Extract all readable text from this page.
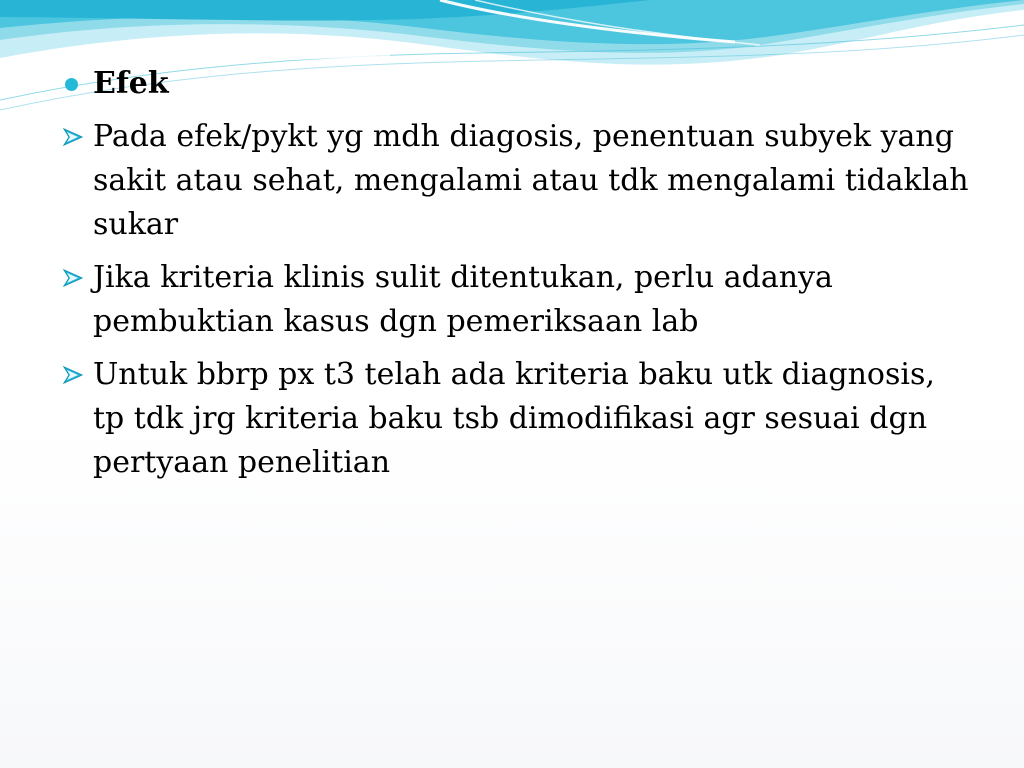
Efek
Pada efek/pykt yg mdh diagosis, penentuan subyek yang sakit atau sehat, mengalami atau tdk mengalami tidaklah sukar
Jika kriteria klinis sulit ditentukan, perlu adanya pembuktian kasus dgn pemeriksaan lab
Untuk bbrp px t3 telah ada kriteria baku utk diagnosis, tp tdk jrg kriteria baku tsb dimodifikasi agr sesuai dgn pertyaan penelitian
